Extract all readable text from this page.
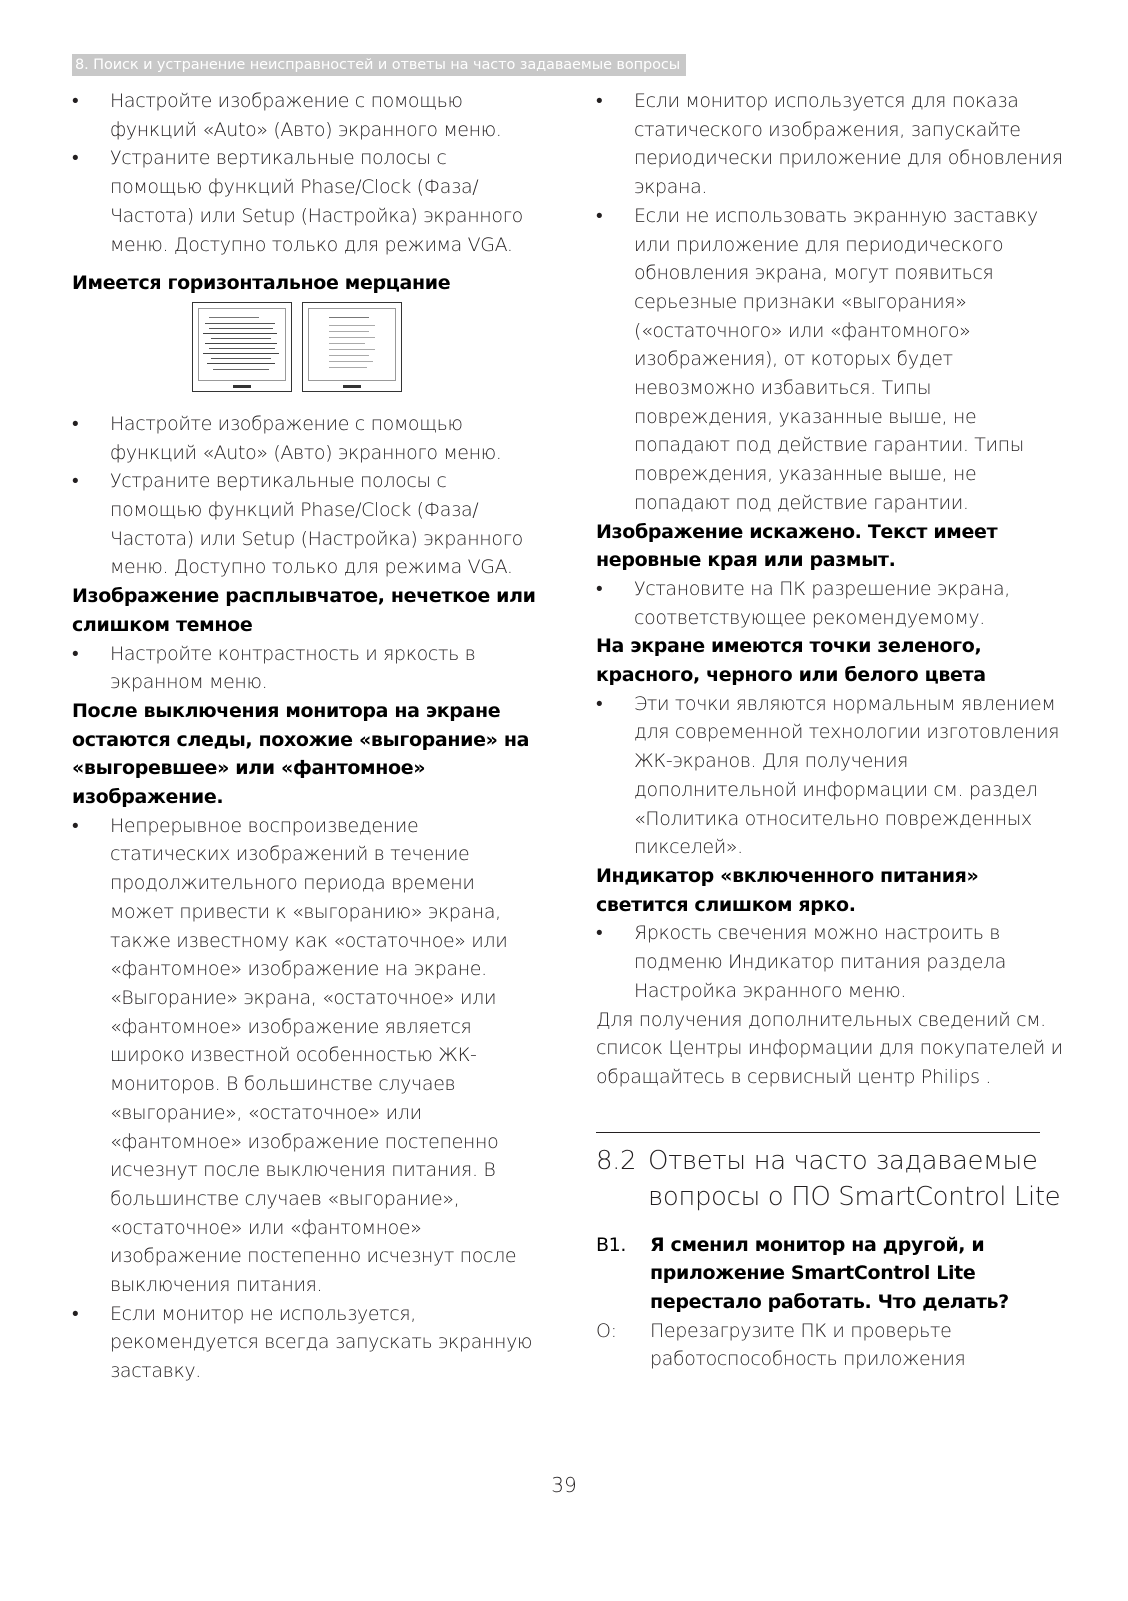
8. Поиск и устранение неисправностей и ответы на часто задаваемые вопросы

• Настройте изображение с помощью функций «Auto» (Авто) экранного меню.

• Устраните вертикальные полосы с помощью функций Phase/Clock (Фаза/ Частота) или Setup (Настройка) экранного меню. Доступно только для режима VGA.

Имеется горизонтальное мерцание

• Настройте изображение с помощью функций «Auto» (Авто) экранного меню.

• Устраните вертикальные полосы с помощью функций Phase/Clock (Фаза/ Частота) или Setup (Настройка) экранного меню. Доступно только для режима VGA.

Изображение расплывчатое, нечеткое или слишком темное

• Настройте контрастность и яркость в экранном меню.

После выключения монитора на экране остаются следы, похожие «выгорание» на «выгоревшее» или «фантомное» изображение.

• Непрерывное воспроизведение статических изображений в течение продолжительного периода времени может привести к «выгоранию» экрана, также известному как «остаточное» или «фантомное» изображение на экране. «Выгорание» экрана, «остаточное» или «фантомное» изображение является широко известной особенностью ЖК-мониторов. В большинстве случаев «выгорание», «остаточное» или «фантомное» изображение постепенно исчезнут после выключения питания. В большинстве случаев «выгорание», «остаточное» или «фантомное» изображение постепенно исчезнут после выключения питания.

• Если монитор не используется, рекомендуется всегда запускать экранную заставку.

• Если монитор используется для показа статического изображения, запускайте периодически приложение для обновления экрана.

• Если не использовать экранную заставку или приложение для периодического обновления экрана, могут появиться серьезные признаки «выгорания» («остаточного» или «фантомного» изображения), от которых будет невозможно избавиться. Типы повреждения, указанные выше, не попадают под действие гарантии. Типы повреждения, указанные выше, не попадают под действие гарантии.

Изображение искажено. Текст имеет неровные края или размыт.

• Установите на ПК разрешение экрана, соответствующее рекомендуемому.

На экране имеются точки зеленого, красного, черного или белого цвета

• Эти точки являются нормальным явлением для современной технологии изготовления ЖК-экранов. Для получения дополнительной информации см. раздел «Политика относительно поврежденных пикселей».

Индикатор «включенного питания» светится слишком ярко.

• Яркость свечения можно настроить в подменю Индикатор питания раздела Настройка экранного меню.

Для получения дополнительных сведений см. список Центры информации для покупателей и обращайтесь в сервисный центр Philips .

8.2 Ответы на часто задаваемые вопросы о ПО SmartControl Lite
В1. Я сменил монитор на другой, и приложение SmartControl Lite перестало работать. Что делать?
О: Перезагрузите ПК и проверьте работоспособность приложения
39
